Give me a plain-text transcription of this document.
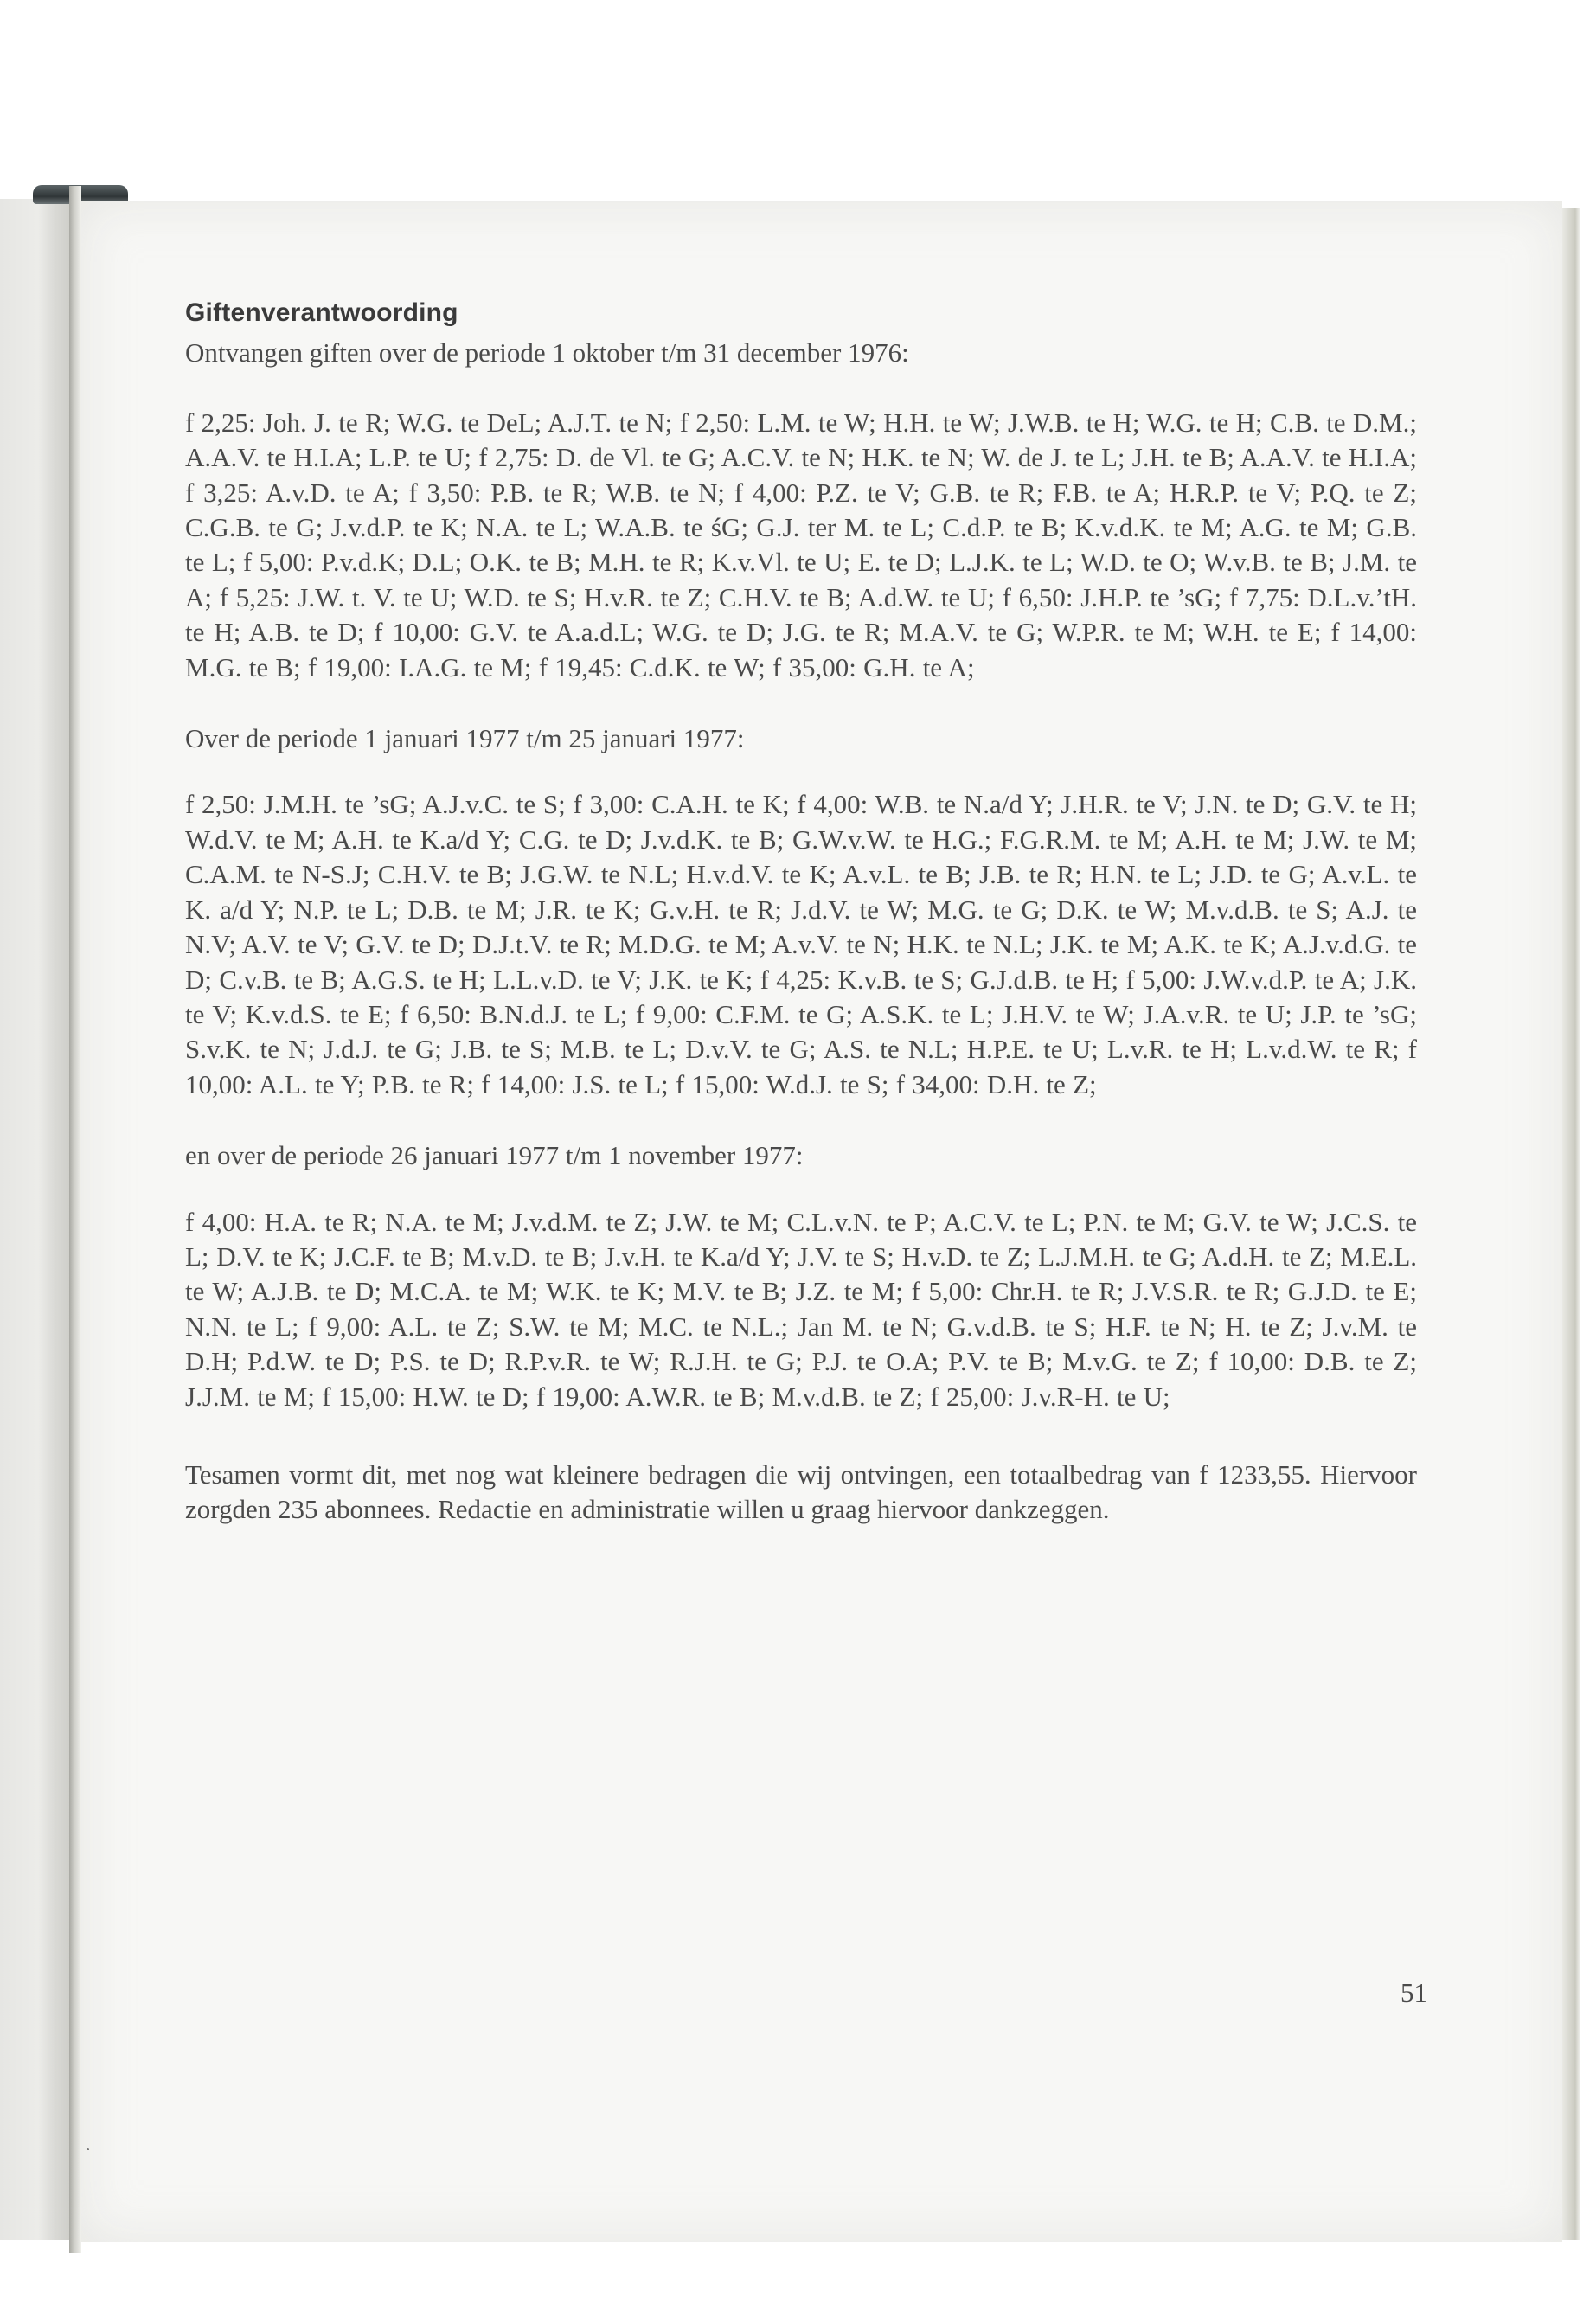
Giftenverantwoording

Ontvangen giften over de periode 1 oktober t/m 31 december 1976:

f 2,25: Joh. J. te R; W.G. te DeL; A.J.T. te N; f 2,50: L.M. te W; H.H. te W; J.W.B. te H; W.G. te H; C.B. te D.M.; A.A.V. te H.I.A; L.P. te U; f 2,75: D. de Vl. te G; A.C.V. te N; H.K. te N; W. de J. te L; J.H. te B; A.A.V. te H.I.A; f 3,25: A.v.D. te A; f 3,50: P.B. te R; W.B. te N; f 4,00: P.Z. te V; G.B. te R; F.B. te A; H.R.P. te V; P.Q. te Z; C.G.B. te G; J.v.d.P. te K; N.A. te L; W.A.B. te śG; G.J. ter M. te L; C.d.P. te B; K.v.d.K. te M; A.G. te M; G.B. te L; f 5,00: P.v.d.K; D.L; O.K. te B; M.H. te R; K.v.Vl. te U; E. te D; L.J.K. te L; W.D. te O; W.v.B. te B; J.M. te A; f 5,25: J.W. t. V. te U; W.D. te S; H.v.R. te Z; C.H.V. te B; A.d.W. te U; f 6,50: J.H.P. te ’sG; f 7,75: D.L.v.’tH. te H; A.B. te D; f 10,00: G.V. te A.a.d.L; W.G. te D; J.G. te R; M.A.V. te G; W.P.R. te M; W.H. te E; f 14,00: M.G. te B; f 19,00: I.A.G. te M; f 19,45: C.d.K. te W; f 35,00: G.H. te A;

Over de periode 1 januari 1977 t/m 25 januari 1977:

f 2,50: J.M.H. te ’sG; A.J.v.C. te S; f 3,00: C.A.H. te K; f 4,00: W.B. te N.a/d Y; J.H.R. te V; J.N. te D; G.V. te H; W.d.V. te M; A.H. te K.a/d Y; C.G. te D; J.v.d.K. te B; G.W.v.W. te H.G.; F.G.R.M. te M; A.H. te M; J.W. te M; C.A.M. te N-S.J; C.H.V. te B; J.G.W. te N.L; H.v.d.V. te K; A.v.L. te B; J.B. te R; H.N. te L; J.D. te G; A.v.L. te K. a/d Y; N.P. te L; D.B. te M; J.R. te K; G.v.H. te R; J.d.V. te W; M.G. te G; D.K. te W; M.v.d.B. te S; A.J. te N.V; A.V. te V; G.V. te D; D.J.t.V. te R; M.D.G. te M; A.v.V. te N; H.K. te N.L; J.K. te M; A.K. te K; A.J.v.d.G. te D; C.v.B. te B; A.G.S. te H; L.L.v.D. te V; J.K. te K; f 4,25: K.v.B. te S; G.J.d.B. te H; f 5,00: J.W.v.d.P. te A; J.K. te V; K.v.d.S. te E; f 6,50: B.N.d.J. te L; f 9,00: C.F.M. te G; A.S.K. te L; J.H.V. te W; J.A.v.R. te U; J.P. te ’sG; S.v.K. te N; J.d.J. te G; J.B. te S; M.B. te L; D.v.V. te G; A.S. te N.L; H.P.E. te U; L.v.R. te H; L.v.d.W. te R; f 10,00: A.L. te Y; P.B. te R; f 14,00: J.S. te L; f 15,00: W.d.J. te S; f 34,00: D.H. te Z;

en over de periode 26 januari 1977 t/m 1 november 1977:

f 4,00: H.A. te R; N.A. te M; J.v.d.M. te Z; J.W. te M; C.L.v.N. te P; A.C.V. te L; P.N. te M; G.V. te W; J.C.S. te L; D.V. te K; J.C.F. te B; M.v.D. te B; J.v.H. te K.a/d Y; J.V. te S; H.v.D. te Z; L.J.M.H. te G; A.d.H. te Z; M.E.L. te W; A.J.B. te D; M.C.A. te M; W.K. te K; M.V. te B; J.Z. te M; f 5,00: Chr.H. te R; J.V.S.R. te R; G.J.D. te E; N.N. te L; f 9,00: A.L. te Z; S.W. te M; M.C. te N.L.; Jan M. te N; G.v.d.B. te S; H.F. te N; H. te Z; J.v.M. te D.H; P.d.W. te D; P.S. te D; R.P.v.R. te W; R.J.H. te G; P.J. te O.A; P.V. te B; M.v.G. te Z; f 10,00: D.B. te Z; J.J.M. te M; f 15,00: H.W. te D; f 19,00: A.W.R. te B; M.v.d.B. te Z; f 25,00: J.v.R-H. te U;

Tesamen vormt dit, met nog wat kleinere bedragen die wij ontvingen, een totaalbedrag van f 1233,55. Hiervoor zorgden 235 abonnees. Redactie en administratie willen u graag hiervoor dankzeggen.

51
